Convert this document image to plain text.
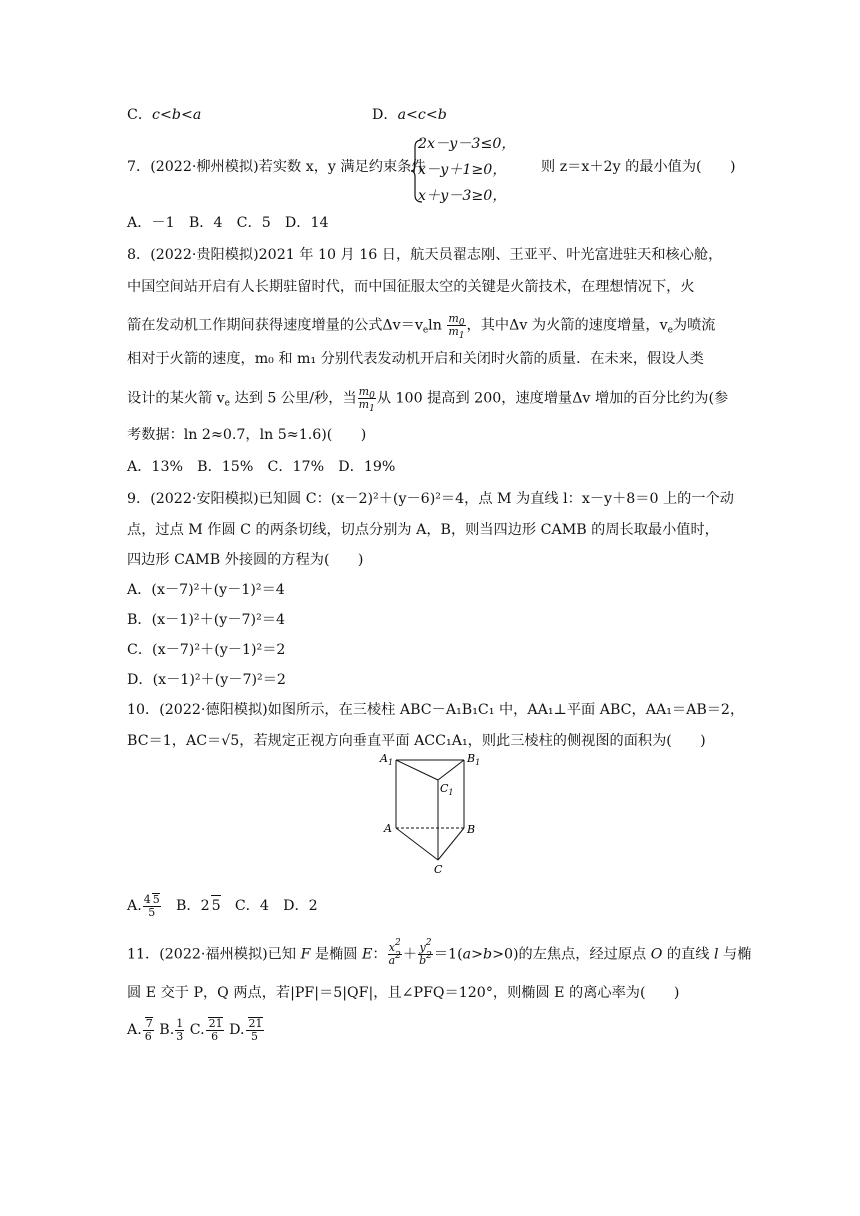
C．c<b<a	D．a<c<b
7．(2022·柳州模拟)若实数 x，y 满足约束条件
2x－y－3≤0，
x－y＋1≥0，
x＋y－3≥0，
则 z＝x＋2y 的最小值为(　　)
A．－1　B．4　C．5　D．14
8．(2022·贵阳模拟)2021 年 10 月 16 日，航天员翟志刚、王亚平、叶光富进驻天和核心舱，
中国空间站开启有人长期驻留时代，而中国征服太空的关键是火箭技术，在理想情况下，火
箭在发动机工作期间获得速度增量的公式$\Delta v=v_e\ln \frac{m_0}{m_1}$ ，其中Δv 为火箭的速度增量，$v_e$为喷流
相对于火箭的速度，m₀ 和 m₁ 分别代表发动机开启和关闭时火箭的质量．在未来，假设人类
设计的某火箭 $v_e$ 达到 5 公里/秒，当 $\frac{m_0}{m_1}$ 从 100 提高到 200，速度增量Δv 增加的百分比约为(参
考数据：ln 2≈0.7，ln 5≈1.6)(　　)
A．13%　B．15%　C．17%　D．19%
9．(2022·安阳模拟)已知圆 C：(x－2)²＋(y－6)²＝4，点 M 为直线 l：x－y＋8＝0 上的一个动
点，过点 M 作圆 C 的两条切线，切点分别为 A，B，则当四边形 CAMB 的周长取最小值时，
四边形 CAMB 外接圆的方程为(　　)
A．(x－7)²＋(y－1)²＝4
B．(x－1)²＋(y－7)²＝4
C．(x－7)²＋(y－1)²＝2
D．(x－1)²＋(y－7)²＝2
10．(2022·德阳模拟)如图所示，在三棱柱 ABC－A₁B₁C₁ 中，AA₁⊥平面 ABC，AA₁＝AB＝2，
BC＝1，AC＝√5，若规定正视方向垂直平面 ACC₁A₁，则此三棱柱的侧视图的面积为(　　)
$A_1$	$B_1$
$C_1$
A	B
C
A. $\frac{4 5}{5}$ 　B．2 5　C．4　D．2
11．(2022·福州模拟)已知 F 是椭圆 E： $\frac{x^2}{a^2} + \frac{y^2}{b^2} =1(a>b>0)$的左焦点，经过原点 O 的直线 l 与椭
圆 E 交于 P，Q 两点，若|PF|＝5|QF|，且∠PFQ＝120°，则椭圆 E 的离心率为(　　)
A. $\frac{7}{6} B$. $\frac{1}{3} C$. $\frac{21}{6} D$. $\frac{21}{5}$
